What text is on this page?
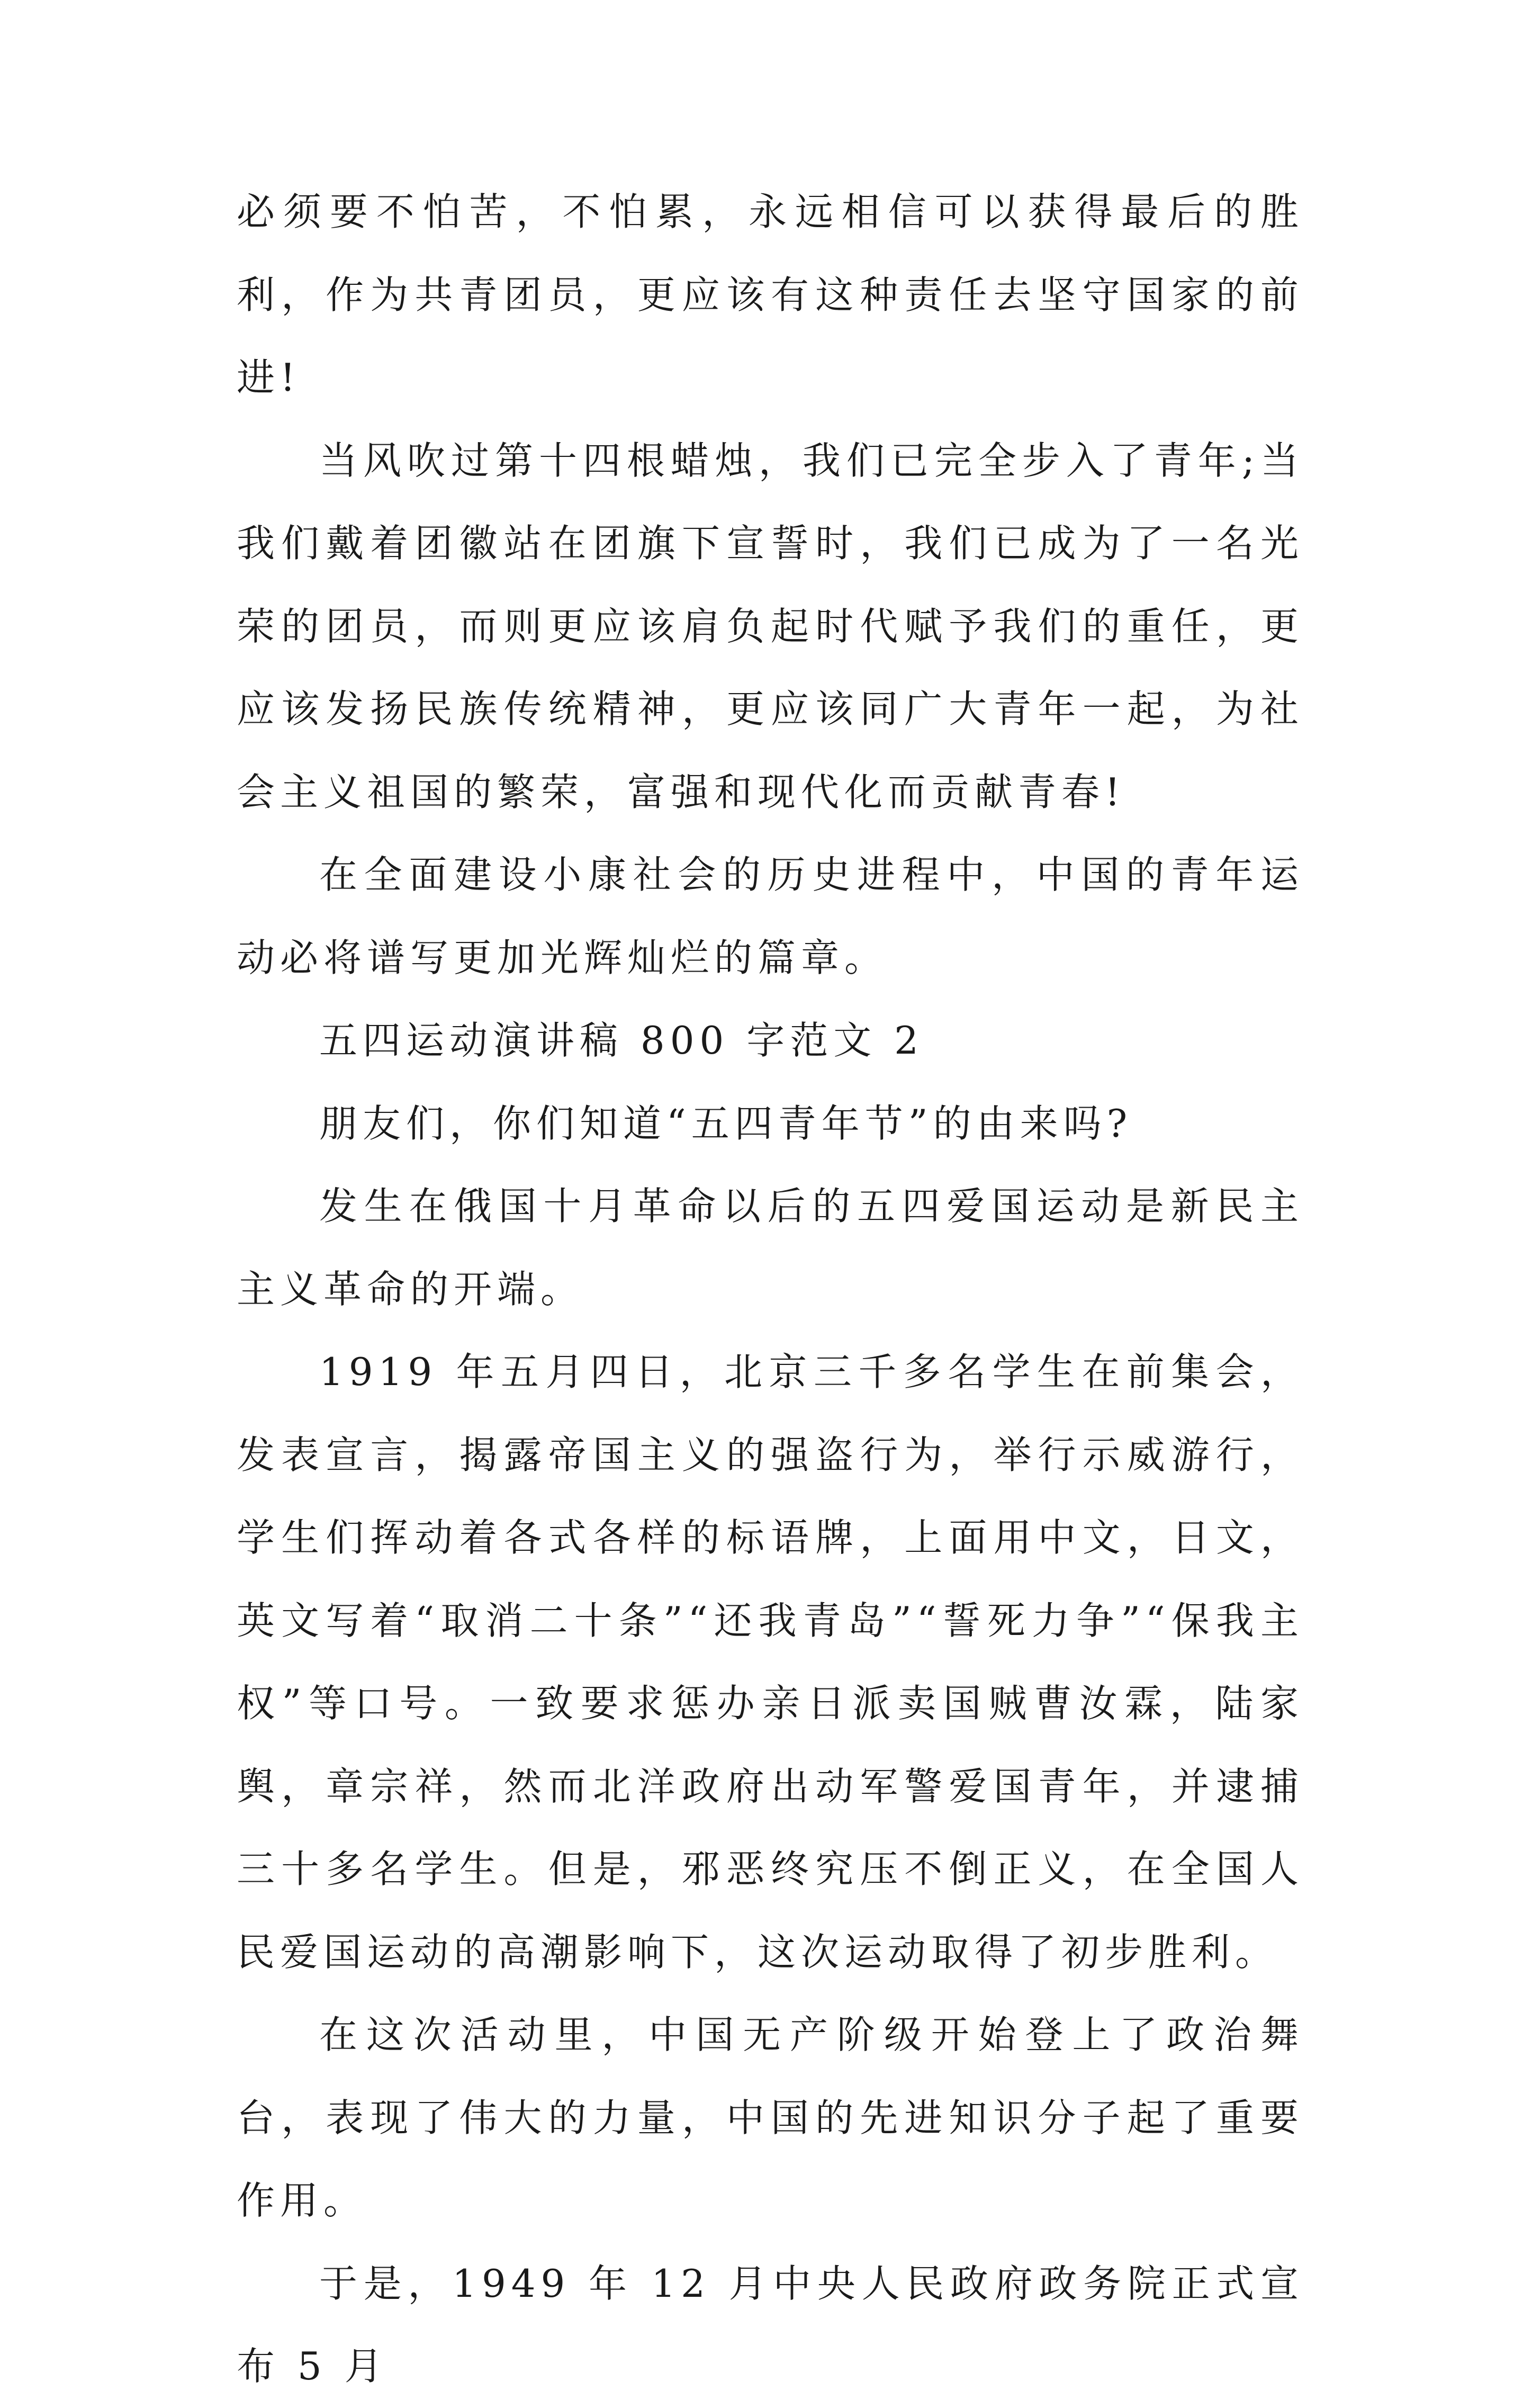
必须要不怕苦，不怕累，永远相信可以获得最后的胜利，作为共青团员，更应该有这种责任去坚守国家的前进!

当风吹过第十四根蜡烛，我们已完全步入了青年;当我们戴着团徽站在团旗下宣誓时，我们已成为了一名光荣的团员，而则更应该肩负起时代赋予我们的重任，更应该发扬民族传统精神，更应该同广大青年一起，为社会主义祖国的繁荣，富强和现代化而贡献青春!

在全面建设小康社会的历史进程中，中国的青年运动必将谱写更加光辉灿烂的篇章。

五四运动演讲稿 800 字范文 2

朋友们，你们知道“五四青年节”的由来吗?

发生在俄国十月革命以后的五四爱国运动是新民主主义革命的开端。

1919 年五月四日，北京三千多名学生在前集会，发表宣言，揭露帝国主义的强盗行为，举行示威游行，学生们挥动着各式各样的标语牌，上面用中文，日文，英文写着“取消二十条”“还我青岛”“誓死力争”“保我主权”等口号。一致要求惩办亲日派卖国贼曹汝霖，陆家舆，章宗祥，然而北洋政府出动军警爱国青年，并逮捕三十多名学生。但是，邪恶终究压不倒正义，在全国人民爱国运动的高潮影响下，这次运动取得了初步胜利。

在这次活动里，中国无产阶级开始登上了政治舞台，表现了伟大的力量，中国的先进知识分子起了重要作用。

于是，1949 年 12 月中央人民政府政务院正式宣布 5 月
